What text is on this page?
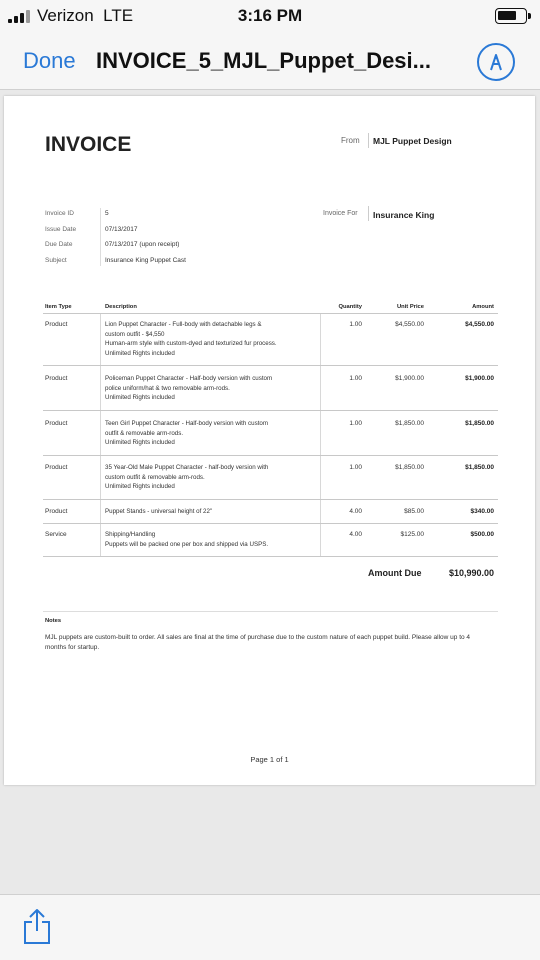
Verizon LTE	3:16 PM
Done INVOICE_5_MJL_Puppet_Desi...
INVOICE	From MJL Puppet Design
Invoice ID	5
Issue Date	07/13/2017
Due Date	07/13/2017 (upon receipt)
Subject	Insurance King Puppet Cast
Invoice For Insurance King
Item Type	Description	Quantity	Unit Price	Amount
Product	Lion Puppet Character - Full-body with detachable legs &
custom outfit - $4,550
Human-arm style with custom-dyed and texturized fur process.
Unlimited Rights included
1.00	$4,550.00	$4,550.00
Product	Policeman Puppet Character - Half-body version with custom
police uniform/hat & two removable arm-rods.
Unlimited Rights included
1.00	$1,900.00	$1,900.00
Product	Teen Girl Puppet Character - Half-body version with custom
outfit & removable arm-rods.
Unlimited Rights included
1.00	$1,850.00	$1,850.00
Product	35 Year-Old Male Puppet Character - half-body version with
custom outfit & removable arm-rods.
Unlimited Rights included
1.00	$1,850.00	$1,850.00
Product	Puppet Stands - universal height of 22"	4.00	$85.00	$340.00
Service	Shipping/Handling
Puppets will be packed one per box and shipped via USPS.
4.00	$125.00	$500.00
Amount Due	$10,990.00
Notes
MJL puppets are custom-built to order. All sales are final at the time of purchase due to the custom nature of each puppet build. Please allow up to 4 months for startup.
Page 1 of 1
